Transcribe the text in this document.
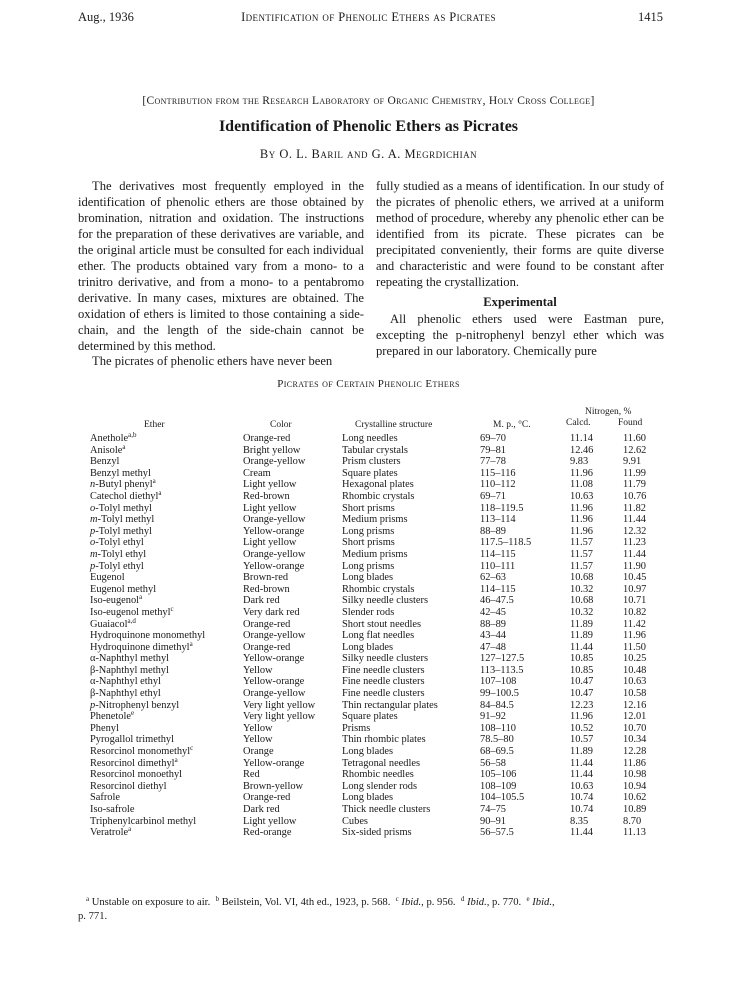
Aug., 1936	Identification of Phenolic Ethers as Picrates	1415
[Contribution from the Research Laboratory of Organic Chemistry, Holy Cross College]
Identification of Phenolic Ethers as Picrates
By O. L. Baril and G. A. Megrdichian

The derivatives most frequently employed in the identification of phenolic ethers are those obtained by bromination, nitration and oxidation. The instructions for the preparation of these derivatives are variable, and the original article must be consulted for each individual ether. The products obtained vary from a mono- to a trinitro derivative, and from a mono- to a pentabromo derivative. In many cases, mixtures are obtained. The oxidation of ethers is limited to those containing a side-chain, and the length of the side-chain cannot be determined by this method.

The picrates of phenolic ethers have never been

fully studied as a means of identification. In our study of the picrates of phenolic ethers, we arrived at a uniform method of procedure, whereby any phenolic ether can be identified from its picrate. These picrates can be precipitated conveniently, their forms are quite diverse and characteristic and were found to be constant after repeating the crystallization.

Experimental

All phenolic ethers used were Eastman pure, excepting the p-nitrophenyl benzyl ether which was prepared in our laboratory. Chemically pure

Picrates of Certain Phenolic Ethers
Ether	Color	Crystalline structure	M. p., °C.
Nitrogen, %
Calcd.	Found
Anethole$^{a,b}$	Orange-red	Long needles	69–70	11.14	11.60
Anisole$^a$	Bright yellow	Tabular crystals	79–81	12.46	12.62
Benzyl	Orange-yellow	Prism clusters	77–78	9.83	9.91
Benzyl methyl	Cream	Square plates	115–116	11.96	11.99
n-Butyl phenyl$^a$	Light yellow	Hexagonal plates	110–112	11.08	11.79
Catechol diethyl$^a$	Red-brown	Rhombic crystals	69–71	10.63	10.76
o-Tolyl methyl	Light yellow	Short prisms	118–119.5	11.96	11.82
m-Tolyl methyl	Orange-yellow	Medium prisms	113–114	11.96	11.44
p-Tolyl methyl	Yellow-orange	Long prisms	88–89	11.96	12.32
o-Tolyl ethyl	Light yellow	Short prisms	117.5–118.5	11.57	11.23
m-Tolyl ethyl	Orange-yellow	Medium prisms	114–115	11.57	11.44
p-Tolyl ethyl	Yellow-orange	Long prisms	110–111	11.57	11.90
Eugenol	Brown-red	Long blades	62–63	10.68	10.45
Eugenol methyl	Red-brown	Rhombic crystals	114–115	10.32	10.97
Iso-eugenol$^a$	Dark red	Silky needle clusters	46–47.5	10.68	10.71
Iso-eugenol methyl$^c$	Very dark red	Slender rods	42–45	10.32	10.82
Guaiacol$^{a,d}$	Orange-red	Short stout needles	88–89	11.89	11.42
Hydroquinone monomethyl	Orange-yellow	Long flat needles	43–44	11.89	11.96
Hydroquinone dimethyl$^a$	Orange-red	Long blades	47–48	11.44	11.50
α-Naphthyl methyl	Yellow-orange	Silky needle clusters	127–127.5	10.85	10.25
β-Naphthyl methyl	Yellow	Fine needle clusters	113–113.5	10.85	10.48
α-Naphthyl ethyl	Yellow-orange	Fine needle clusters	107–108	10.47	10.63
β-Naphthyl ethyl	Orange-yellow	Fine needle clusters	99–100.5	10.47	10.58
p-Nitrophenyl benzyl	Very light yellow	Thin rectangular plates	84–84.5	12.23	12.16
Phenetole$^e$	Very light yellow	Square plates	91–92	11.96	12.01
Phenyl	Yellow	Prisms	108–110	10.52	10.70
Pyrogallol trimethyl	Yellow	Thin rhombic plates	78.5–80	10.57	10.34
Resorcinol monomethyl$^c$	Orange	Long blades	68–69.5	11.89	12.28
Resorcinol dimethyl$^a$	Yellow-orange	Tetragonal needles	56–58	11.44	11.86
Resorcinol monoethyl	Red	Rhombic needles	105–106	11.44	10.98
Resorcinol diethyl	Brown-yellow	Long slender rods	108–109	10.63	10.94
Safrole	Orange-red	Long blades	104–105.5	10.74	10.62
Iso-safrole	Dark red	Thick needle clusters	74–75	10.74	10.89
Triphenylcarbinol methyl	Light yellow	Cubes	90–91	8.35	8.70
Veratrole$^a$	Red-orange	Six-sided prisms	56–57.5	11.44	11.13
$^a$ Unstable on exposure to air.  $^b$ Beilstein, Vol. VI, 4th ed., 1923, p. 568.  $^c$ Ibid., p. 956.  $^d$ Ibid., p. 770.  $^e$ Ibid.,
p. 771.
